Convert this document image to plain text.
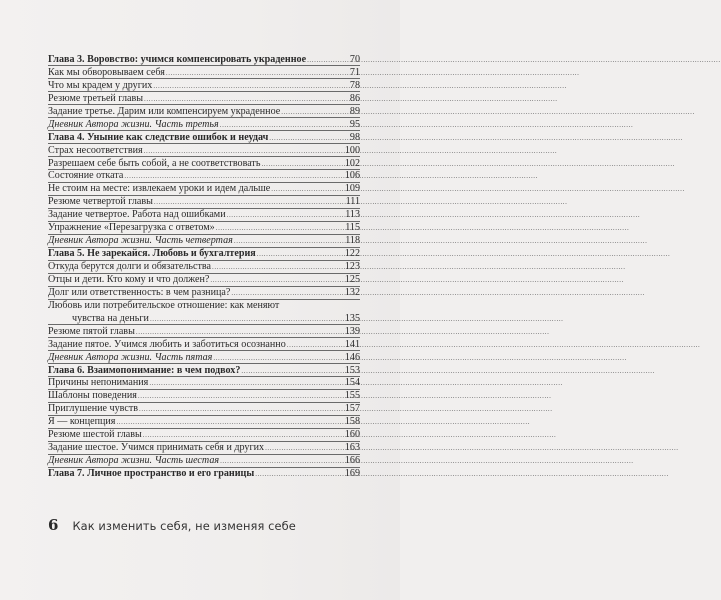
Глава 3. Воровство: учимся компенсировать украденное .....	70
Как мы обворовываем себя .....	71
Что мы крадем у других .....	78
Резюме третьей главы .....	86
Задание третье. Дарим или компенсируем украденное .....	89
Дневник Автора жизни. Часть третья .....	95
Глава 4. Уныние как следствие ошибок и неудач .....	98
Страх несоответствия .....	100
Разрешаем себе быть собой, а не соответствовать .....	102
Состояние отката .....	106
Не стоим на месте: извлекаем уроки и идем дальше .....	109
Резюме четвертой главы .....	111
Задание четвертое. Работа над ошибками .....	113
Упражнение «Перезагрузка с ответом» .....	115
Дневник Автора жизни. Часть четвертая .....	118
Глава 5. Не зарекайся. Любовь и бухгалтерия .....	122
Откуда берутся долги и обязательства .....	123
Отцы и дети. Кто кому и что должен? .....	125
Долг или ответственность: в чем разница? .....	132
Любовь или потребительское отношение: как меняют
чувства на деньги .....	135
Резюме пятой главы .....	139
Задание пятое. Учимся любить и заботиться осознанно .....	141
Дневник Автора жизни. Часть пятая .....	146
Глава 6. Взаимопонимание: в чем подвох? .....	153
Причины непонимания .....	154
Шаблоны поведения .....	155
Приглушение чувств .....	157
Я — концепция .....	158
Резюме шестой главы .....	160
Задание шестое. Учимся принимать себя и других .....	163
Дневник Автора жизни. Часть шестая .....	166
Глава 7. Личное пространство и его границы .....	169
6 Как изменить себя, не изменяя себе
